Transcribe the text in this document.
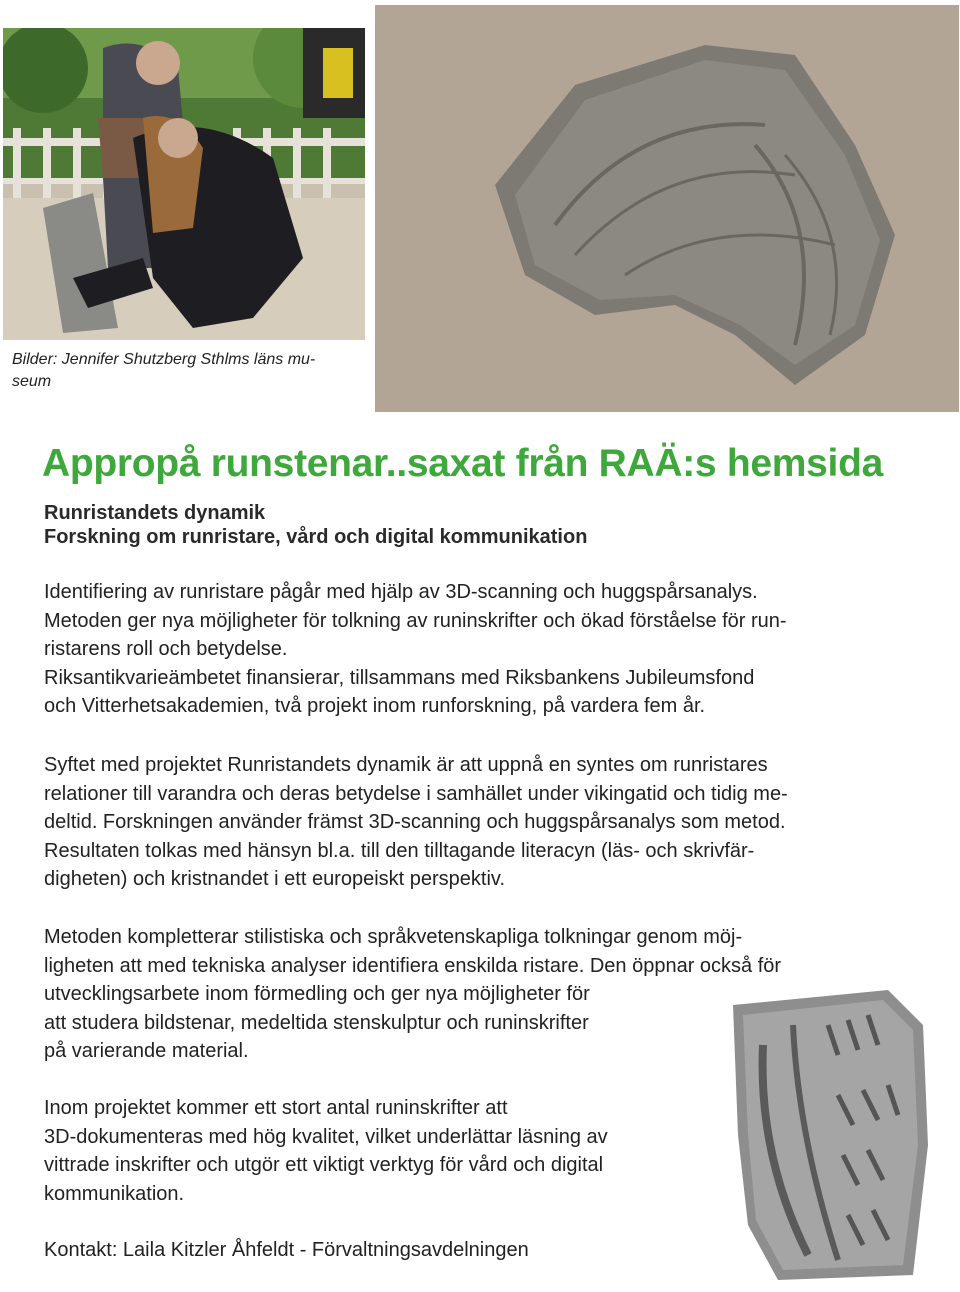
Bilder: Jennifer Shutzberg Sthlms läns mu-
seum
Appropå runstenar..saxat från RAÄ:s hemsida
Runristandets dynamik
Forskning om runristare, vård och digital kommunikation

Identifiering av runristare pågår med hjälp av 3D-scanning och huggspårsanalys.
Metoden ger nya möjligheter för tolkning av runinskrifter och ökad förståelse för run-
ristarens roll och betydelse.
Riksantikvarieämbetet finansierar, tillsammans med Riksbankens Jubileumsfond
och Vitterhetsakademien, två projekt inom runforskning, på vardera fem år.

Syftet med projektet Runristandets dynamik är att uppnå en syntes om runristares
relationer till varandra och deras betydelse i samhället under vikingatid och tidig me-
deltid. Forskningen använder främst 3D-scanning och huggspårsanalys som metod.
Resultaten tolkas med hänsyn bl.a. till den tilltagande literacyn (läs- och skrivfär-
digheten) och kristnandet i ett europeiskt perspektiv.

Metoden kompletterar stilistiska och språkvetenskapliga tolkningar genom möj-
ligheten att med tekniska analyser identifiera enskilda ristare. Den öppnar också för
utvecklingsarbete inom förmedling och ger nya möjligheter för
att studera bildstenar, medeltida stenskulptur och runinskrifter
på varierande material.

Inom projektet kommer ett stort antal runinskrifter att
3D-dokumenteras med hög kvalitet, vilket underlättar läsning av
vittrade inskrifter och utgör ett viktigt verktyg för vård och digital
kommunikation.

Kontakt: Laila Kitzler Åhfeldt - Förvaltningsavdelningen
